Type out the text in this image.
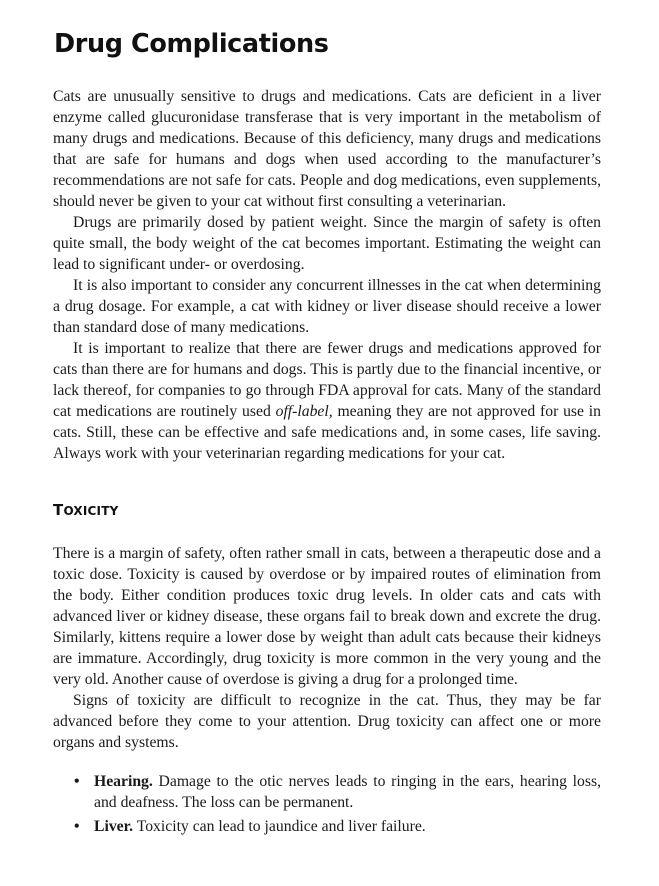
Drug Complications

Cats are unusually sensitive to drugs and medications. Cats are deficient in a liver enzyme called glucuronidase transferase that is very important in the metabolism of many drugs and medications. Because of this deficiency, many drugs and medications that are safe for humans and dogs when used according to the manufacturer’s recommendations are not safe for cats. People and dog medications, even supplements, should never be given to your cat without first consulting a veterinarian.

Drugs are primarily dosed by patient weight. Since the margin of safety is often quite small, the body weight of the cat becomes important. Estimating the weight can lead to significant under- or overdosing.

It is also important to consider any concurrent illnesses in the cat when determining a drug dosage. For example, a cat with kidney or liver disease should receive a lower than standard dose of many medications.

It is important to realize that there are fewer drugs and medications approved for cats than there are for humans and dogs. This is partly due to the financial incentive, or lack thereof, for companies to go through FDA approval for cats. Many of the standard cat medications are routinely used off-label, meaning they are not approved for use in cats. Still, these can be effective and safe medications and, in some cases, life saving. Always work with your veterinarian regarding medications for your cat.

TOXICITY

There is a margin of safety, often rather small in cats, between a therapeutic dose and a toxic dose. Toxicity is caused by overdose or by impaired routes of elimination from the body. Either condition produces toxic drug levels. In older cats and cats with advanced liver or kidney disease, these organs fail to break down and excrete the drug. Similarly, kittens require a lower dose by weight than adult cats because their kidneys are immature. Accordingly, drug toxicity is more common in the very young and the very old. Another cause of overdose is giving a drug for a prolonged time.

Signs of toxicity are difficult to recognize in the cat. Thus, they may be far advanced before they come to your attention. Drug toxicity can affect one or more organs and systems.

• Hearing. Damage to the otic nerves leads to ringing in the ears, hearing loss, and deafness. The loss can be permanent.
• Liver. Toxicity can lead to jaundice and liver failure.
